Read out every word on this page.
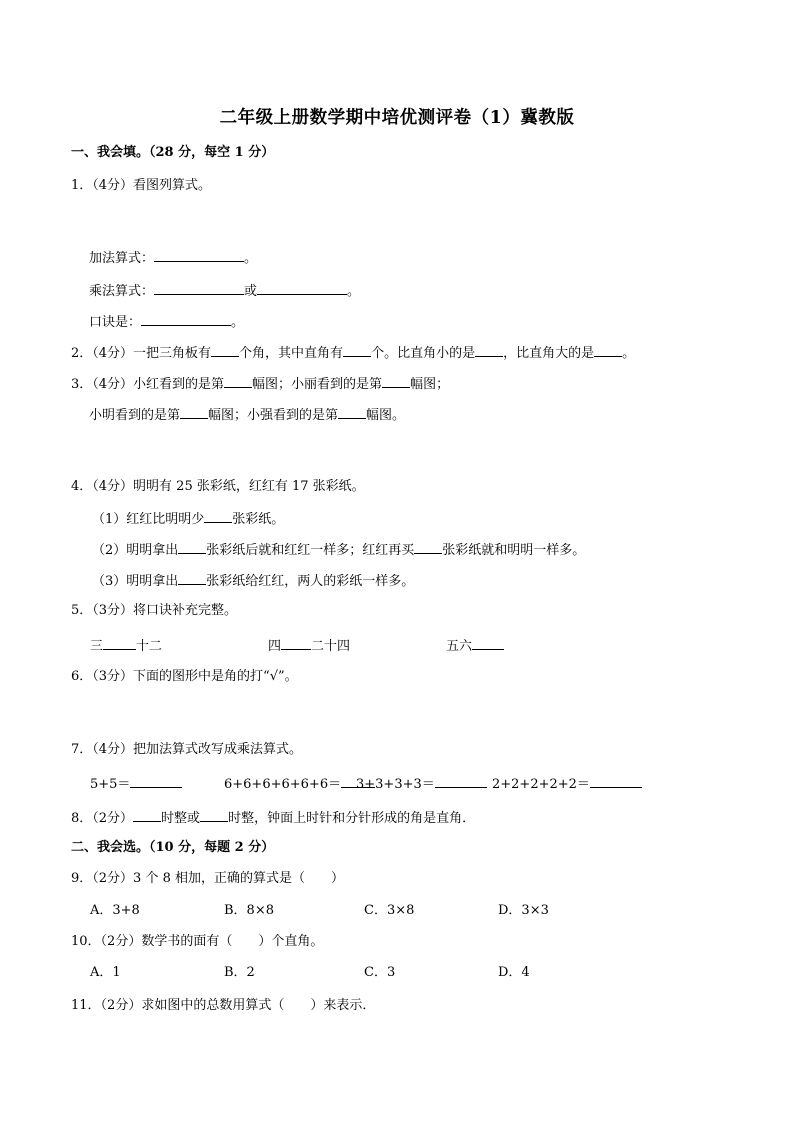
二年级上册数学期中培优测评卷（1）冀教版
一、我会填。（28 分，每空 1 分）
1．（4分）看图列算式。
加法算式：	。
乘法算式：	或	。
口诀是：	。
2．（4分）一把三角板有 个角，其中直角有 个。比直角小的是 ，比直角大的是 。
3．（4分）小红看到的是第 幅图；小丽看到的是第 幅图；
小明看到的是第 幅图；小强看到的是第 幅图。
4．（4分）明明有 25 张彩纸，红红有 17 张彩纸。
（1）红红比明明少 张彩纸。
（2）明明拿出 张彩纸后就和红红一样多；红红再买 张彩纸就和明明一样多。
（3）明明拿出 张彩纸给红红，两人的彩纸一样多。
5．（3分）将口诀补充完整。
三	十二	四 二十四	五六
6．（3分）下面的图形中是角的打“√”。
7．（4分）把加法算式改写成乘法算式。
5+5＝	6+6+6+6+6+6＝	3+3+3+3＝	2+2+2+2+2＝
8．（2分） 时整或 时整，钟面上时针和分针形成的角是直角．
二、我会选。（10 分，每题 2 分）
9．（2分）3 个 8 相加，正确的算式是（　　）
A．3+8	B．8×8	C．3×8	D．3×3
10．（2分）数学书的面有（　　）个直角。
A．1	B．2	C．3	D．4
11．（2分）求如图中的总数用算式（　　）来表示．
